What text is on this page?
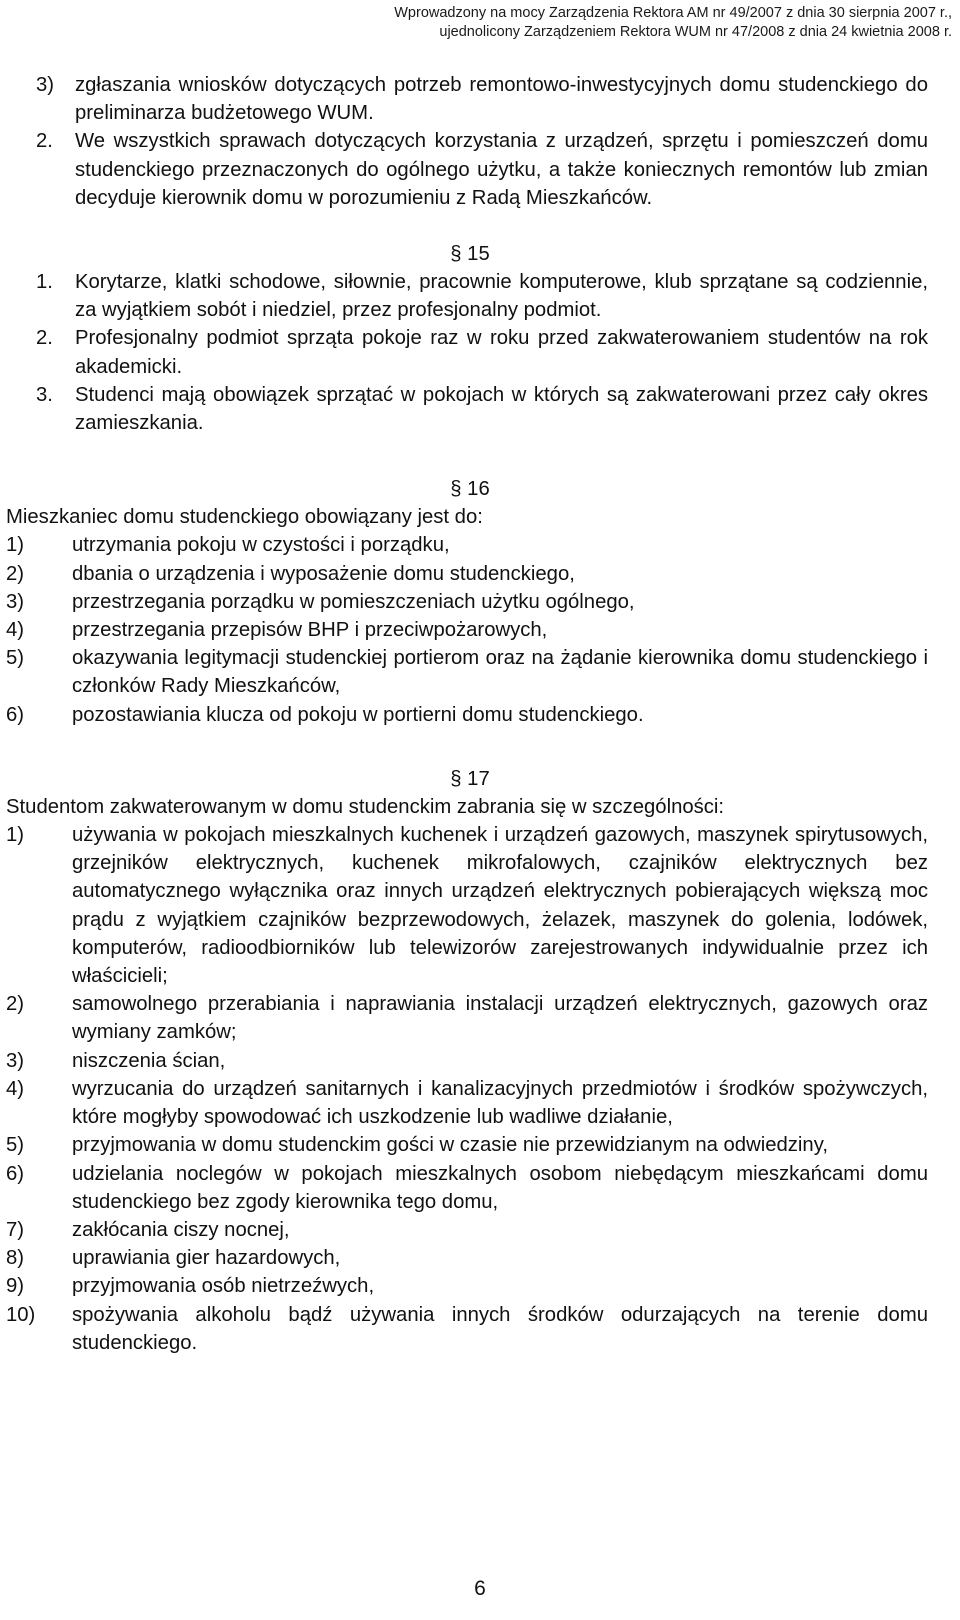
Wprowadzony na mocy Zarządzenia Rektora AM nr 49/2007 z dnia 30 sierpnia 2007 r.,
ujednolicony Zarządzeniem Rektora WUM nr 47/2008 z dnia 24 kwietnia 2008 r.
3) zgłaszania wniosków dotyczących potrzeb remontowo-inwestycyjnych domu studenckiego do preliminarza budżetowego WUM.
2. We wszystkich sprawach dotyczących korzystania z urządzeń, sprzętu i pomieszczeń domu studenckiego przeznaczonych do ogólnego użytku, a także koniecznych remontów lub zmian decyduje kierownik domu w porozumieniu z Radą Mieszkańców.
§ 15
1. Korytarze, klatki schodowe, siłownie, pracownie komputerowe, klub sprzątane są codziennie, za wyjątkiem sobót i niedziel, przez profesjonalny podmiot.
2. Profesjonalny podmiot sprząta pokoje raz w roku przed zakwaterowaniem studentów na rok akademicki.
3. Studenci mają obowiązek sprzątać w pokojach w których są zakwaterowani przez cały okres zamieszkania.
§ 16
Mieszkaniec domu studenckiego obowiązany jest do:
1) utrzymania pokoju w czystości i porządku,
2) dbania o urządzenia i wyposażenie domu studenckiego,
3) przestrzegania porządku w pomieszczeniach użytku ogólnego,
4) przestrzegania przepisów BHP i przeciwpożarowych,
5) okazywania legitymacji studenckiej portierom oraz na żądanie kierownika domu studenckiego i członków Rady Mieszkańców,
6) pozostawiania klucza od pokoju w portierni domu studenckiego.
§ 17
Studentom zakwaterowanym w domu studenckim zabrania się w szczególności:
1) używania w pokojach mieszkalnych kuchenek i urządzeń gazowych, maszynek spirytusowych, grzejników elektrycznych, kuchenek mikrofalowych, czajników elektrycznych bez automatycznego wyłącznika oraz innych urządzeń elektrycznych pobierających większą moc prądu z wyjątkiem czajników bezprzewodowych, żelazek, maszynek do golenia, lodówek, komputerów, radioodbiorników lub telewizorów zarejestrowanych indywidualnie przez ich właścicieli;
2) samowolnego przerabiania i naprawiania instalacji urządzeń elektrycznych, gazowych oraz wymiany zamków;
3) niszczenia ścian,
4) wyrzucania do urządzeń sanitarnych i kanalizacyjnych przedmiotów i środków spożywczych, które mogłyby spowodować ich uszkodzenie lub wadliwe działanie,
5) przyjmowania w domu studenckim gości w czasie nie przewidzianym na odwiedziny,
6) udzielania noclegów w pokojach mieszkalnych osobom niebędącym mieszkańcami domu studenckiego bez zgody kierownika tego domu,
7) zakłócania ciszy nocnej,
8) uprawiania gier hazardowych,
9) przyjmowania osób nietrzeźwych,
10) spożywania alkoholu bądź używania innych środków odurzających na terenie domu studenckiego.
6
